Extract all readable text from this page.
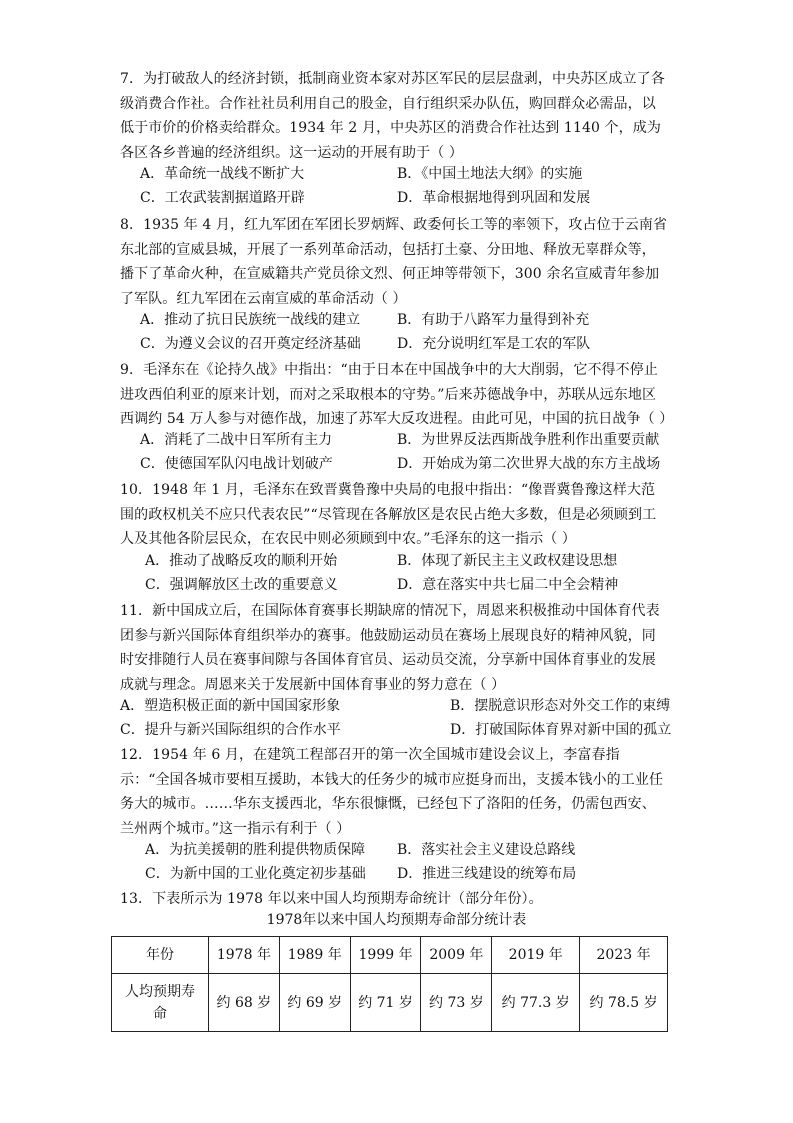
7．为打破敌人的经济封锁，抵制商业资本家对苏区军民的层层盘剥，中央苏区成立了各级消费合作社。合作社社员利用自己的股金，自行组织采办队伍，购回群众必需品，以低于市价的价格卖给群众。1934 年 2 月，中央苏区的消费合作社达到 1140 个，成为各区各乡普遍的经济组织。这一运动的开展有助于（ ）

A．革命统一战线不断扩大	B．《中国土地法大纲》的实施
C．工农武装割据道路开辟	D．革命根据地得到巩固和发展

8．1935 年 4 月，红九军团在军团长罗炳辉、政委何长工等的率领下，攻占位于云南省东北部的宣威县城，开展了一系列革命活动，包括打土豪、分田地、释放无辜群众等，播下了革命火种，在宣威籍共产党员徐文烈、何正坤等带领下，300 余名宣威青年参加了军队。红九军团在云南宣威的革命活动（ ）

A．推动了抗日民族统一战线的建立	B．有助于八路军力量得到补充
C．为遵义会议的召开奠定经济基础	D．充分说明红军是工农的军队

9．毛泽东在《论持久战》中指出：“由于日本在中国战争中的大大削弱，它不得不停止进攻西伯利亚的原来计划，而对之采取根本的守势。”后来苏德战争中，苏联从远东地区西调约 54 万人参与对德作战，加速了苏军大反攻进程。由此可见，中国的抗日战争（ ）

A．消耗了二战中日军所有主力	B．为世界反法西斯战争胜利作出重要贡献
C．使德国军队闪电战计划破产	D．开始成为第二次世界大战的东方主战场

10．1948 年 1 月，毛泽东在致晋冀鲁豫中央局的电报中指出：“像晋冀鲁豫这样大范围的政权机关不应只代表农民”“尽管现在各解放区是农民占绝大多数，但是必须顾到工人及其他各阶层民众，在农民中则必须顾到中农。”毛泽东的这一指示（ ）

A．推动了战略反攻的顺利开始	B．体现了新民主主义政权建设思想
C．强调解放区土改的重要意义	D．意在落实中共七届二中全会精神

11．新中国成立后，在国际体育赛事长期缺席的情况下，周恩来积极推动中国体育代表团参与新兴国际体育组织举办的赛事。他鼓励运动员在赛场上展现良好的精神风貌，同时安排随行人员在赛事间隙与各国体育官员、运动员交流，分享新中国体育事业的发展成就与理念。周恩来关于发展新中国体育事业的努力意在（ ）

A．塑造积极正面的新中国国家形象	B．摆脱意识形态对外交工作的束缚
C．提升与新兴国际组织的合作水平	D．打破国际体育界对新中国的孤立

12．1954 年 6 月，在建筑工程部召开的第一次全国城市建设会议上，李富春指示：“全国各城市要相互援助，本钱大的任务少的城市应挺身而出，支援本钱小的工业任务大的城市。……华东支援西北，华东很慷慨，已经包下了洛阳的任务，仍需包西安、兰州两个城市。”这一指示有利于（ ）

A．为抗美援朝的胜利提供物质保障 B．落实社会主义建设总路线
C．为新中国的工业化奠定初步基础 D．推进三线建设的统筹布局

13．下表所示为 1978 年以来中国人均预期寿命统计（部分年份）。

1978年以来中国人均预期寿命部分统计表
年份	1978 年	1989 年	1999 年	2009 年	2019 年	2023 年
人均预期寿命	约 68 岁	约 69 岁	约 71 岁	约 73 岁	约 77.3 岁	约 78.5 岁
